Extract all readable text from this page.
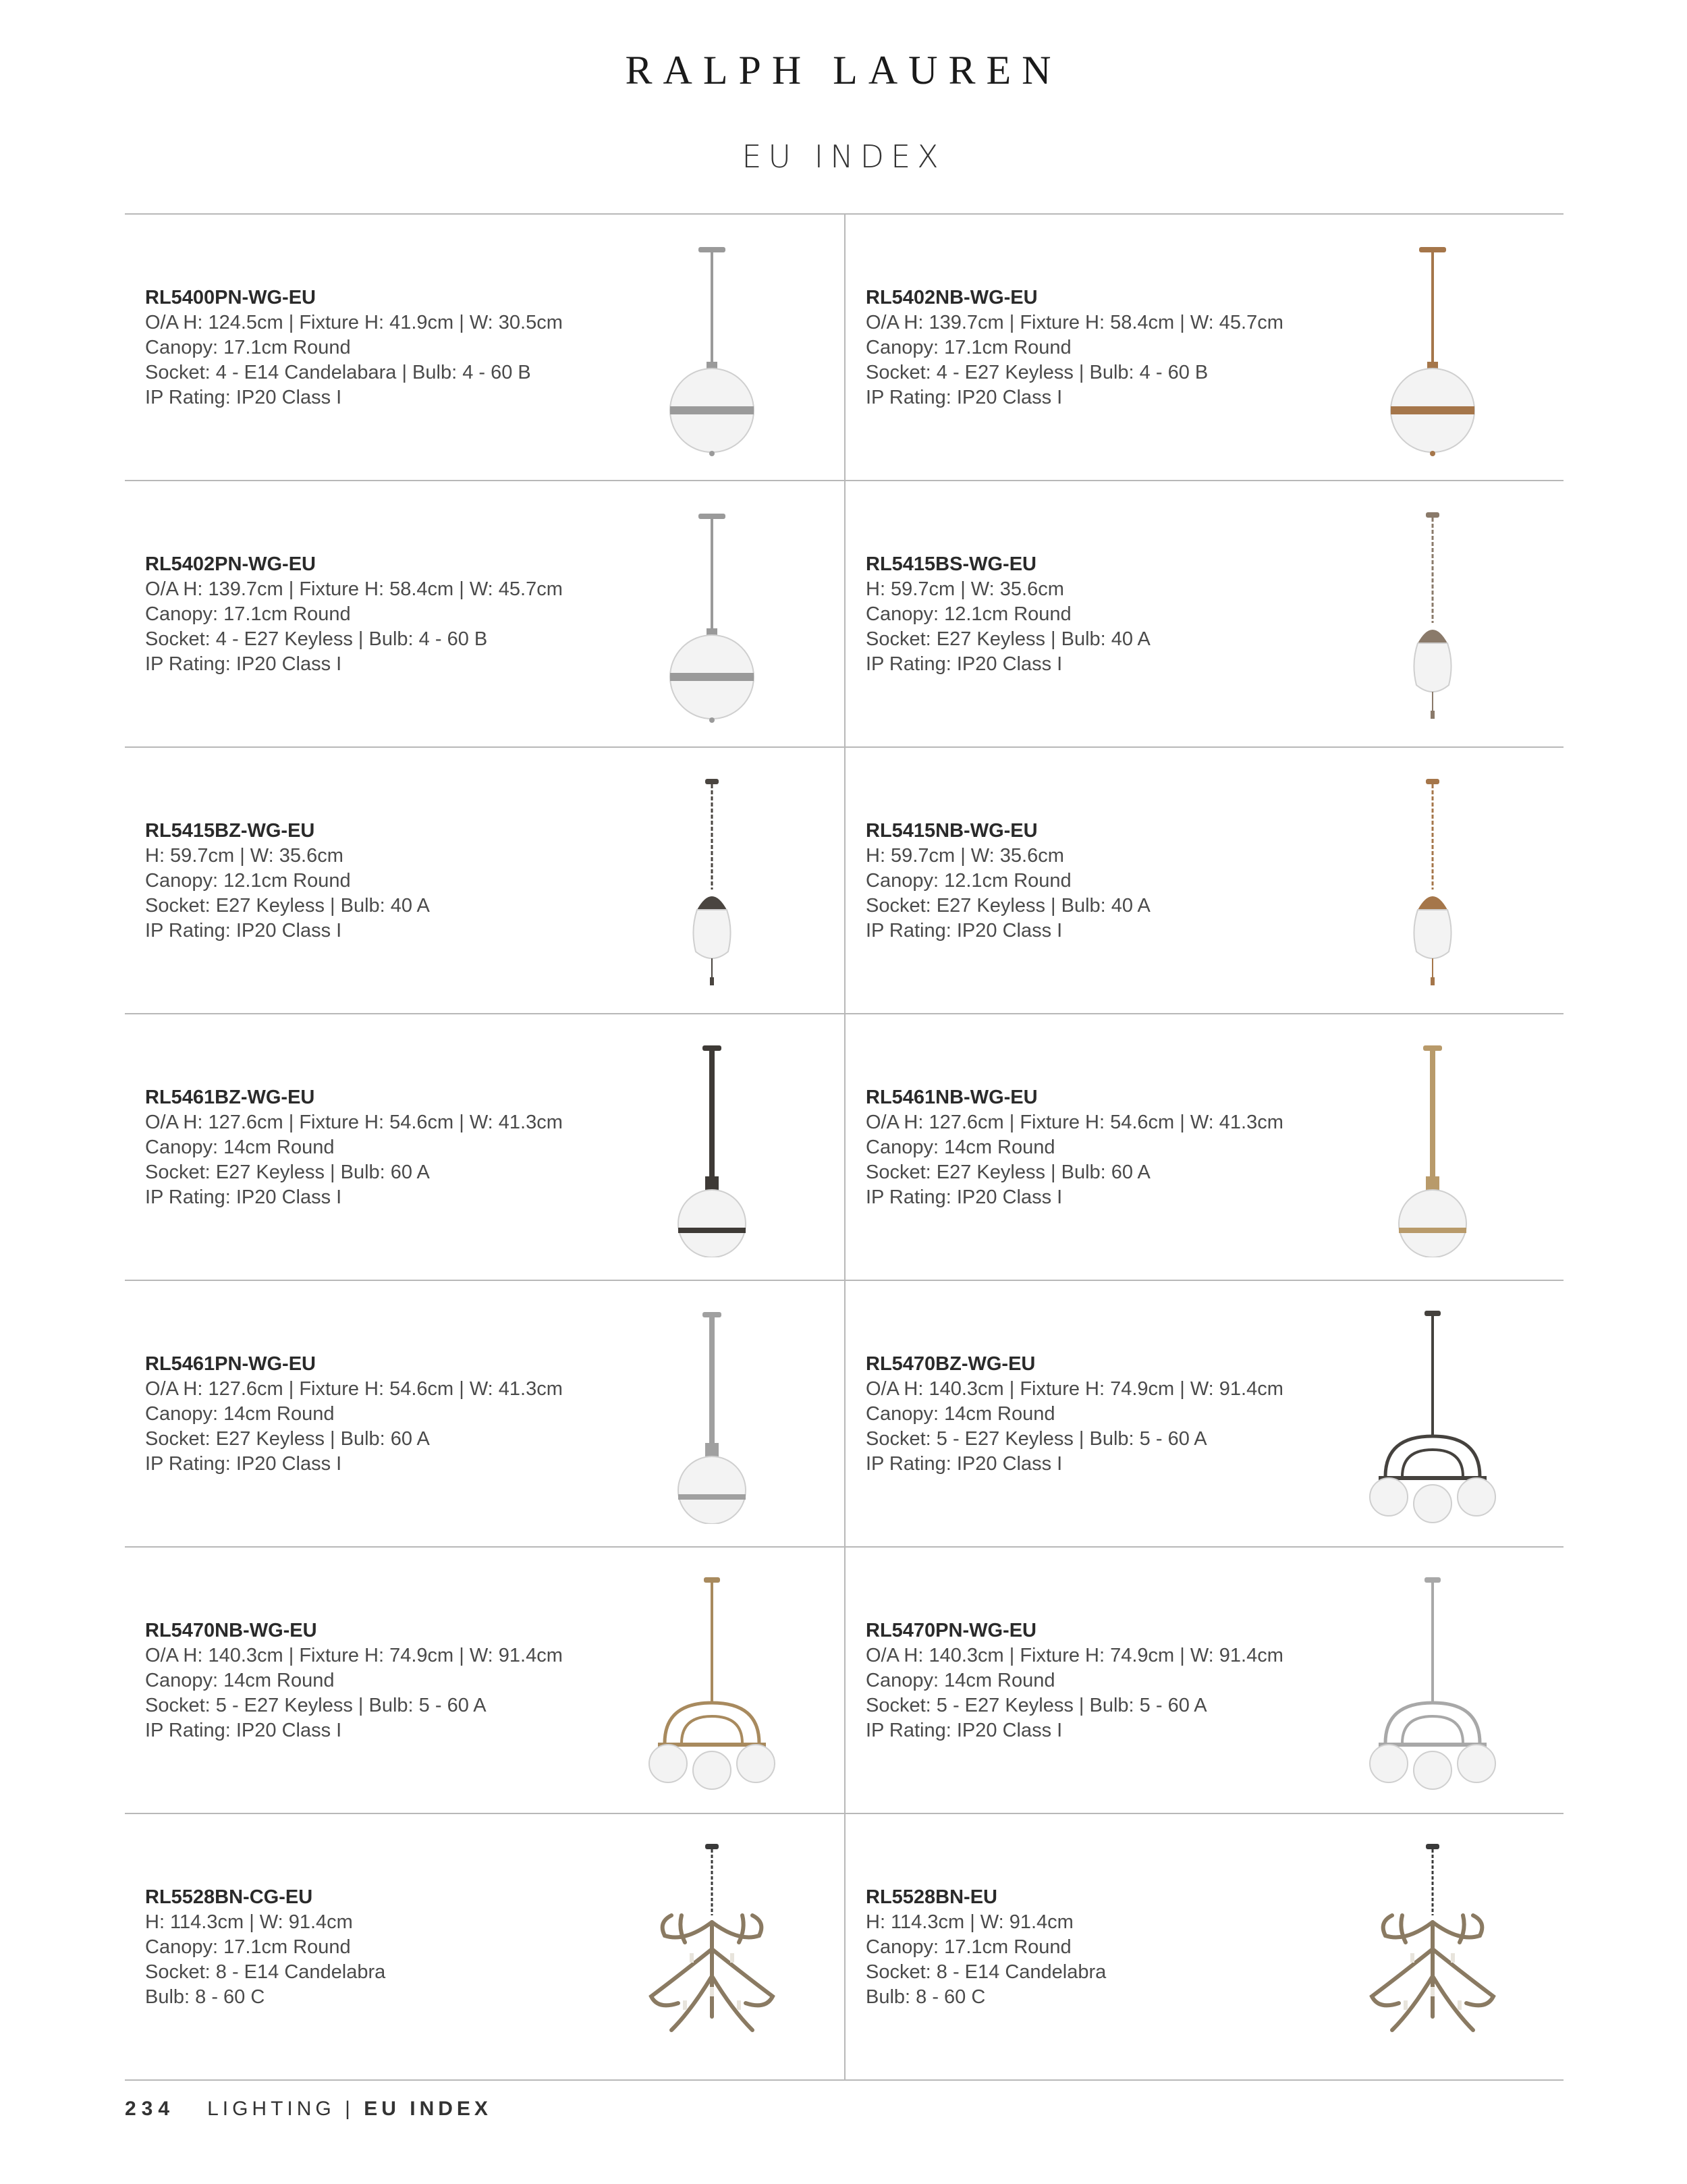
RALPH LAUREN
EU INDEX
RL5528BN-CG-EU
H: 114.3cm | W: 91.4cm
Canopy: 17.1cm Round
Socket: 8 - E14 Candelabra
Bulb: 8 - 60 C
RL5528BN-EU
H: 114.3cm | W: 91.4cm
Canopy: 17.1cm Round
Socket: 8 - E14 Candelabra
Bulb: 8 - 60 C
RL5470NB-WG-EU
O/A H: 140.3cm | Fixture H: 74.9cm | W: 91.4cm
Canopy: 14cm Round
Socket: 5 - E27 Keyless | Bulb: 5 - 60 A
IP Rating: IP20 Class I
RL5470PN-WG-EU
O/A H: 140.3cm | Fixture H: 74.9cm | W: 91.4cm
Canopy: 14cm Round
Socket: 5 - E27 Keyless | Bulb: 5 - 60 A
IP Rating: IP20 Class I
RL5461PN-WG-EU
O/A H: 127.6cm | Fixture H: 54.6cm | W: 41.3cm
Canopy: 14cm Round
Socket: E27 Keyless | Bulb: 60 A
IP Rating: IP20 Class I
RL5470BZ-WG-EU
O/A H: 140.3cm | Fixture H: 74.9cm | W: 91.4cm
Canopy: 14cm Round
Socket: 5 - E27 Keyless | Bulb: 5 - 60 A
IP Rating: IP20 Class I
RL5461BZ-WG-EU
O/A H: 127.6cm | Fixture H: 54.6cm | W: 41.3cm
Canopy: 14cm Round
Socket: E27 Keyless | Bulb: 60 A
IP Rating: IP20 Class I
RL5461NB-WG-EU
O/A H: 127.6cm | Fixture H: 54.6cm | W: 41.3cm
Canopy: 14cm Round
Socket: E27 Keyless | Bulb: 60 A
IP Rating: IP20 Class I
RL5415BZ-WG-EU
H: 59.7cm | W: 35.6cm
Canopy: 12.1cm Round
Socket: E27 Keyless | Bulb: 40 A
IP Rating: IP20 Class I
RL5415NB-WG-EU
H: 59.7cm | W: 35.6cm
Canopy: 12.1cm Round
Socket: E27 Keyless | Bulb: 40 A
IP Rating: IP20 Class I
RL5402PN-WG-EU
O/A H: 139.7cm | Fixture H: 58.4cm | W: 45.7cm
Canopy: 17.1cm Round
Socket: 4 - E27 Keyless | Bulb: 4 - 60 B
IP Rating: IP20 Class I
RL5415BS-WG-EU
H: 59.7cm | W: 35.6cm
Canopy: 12.1cm Round
Socket: E27 Keyless | Bulb: 40 A
IP Rating: IP20 Class I
RL5400PN-WG-EU
O/A H: 124.5cm | Fixture H: 41.9cm | W: 30.5cm
Canopy: 17.1cm Round
Socket: 4 - E14 Candelabara | Bulb: 4 - 60 B
IP Rating: IP20 Class I
RL5402NB-WG-EU
O/A H: 139.7cm | Fixture H: 58.4cm | W: 45.7cm
Canopy: 17.1cm Round
Socket: 4 - E27 Keyless | Bulb: 4 - 60 B
IP Rating: IP20 Class I
234 LIGHTING | EU INDEX
